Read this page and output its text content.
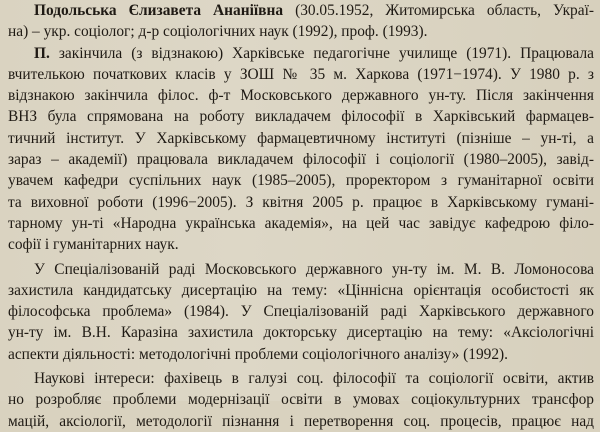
Подольська Єлизавета Ананіївна (30.05.1952, Житомирська область, Украї-
на) – укр. соціолог; д-р соціологічних наук (1992), проф. (1993).

П. закінчила (з відзнакою) Харківське педагогічне училище (1971). Працювала
вчителькою початкових класів у ЗОШ № 35 м. Харкова (1971−1974). У 1980 р. з
відзнакою закінчила філос. ф-т Московського державного ун-ту. Після закінчення
ВНЗ була спрямована на роботу викладачем філософії в Харківський фармацев-
тичний інститут. У Харківському фармацевтичному інституті (пізніше – ун-ті, а
зараз – академії) працювала викладачем філософії і соціології (1980–2005), завід-
увачем кафедри суспільних наук (1985–2005), проректором з гуманітарної освіти
та виховної роботи (1996−2005). З квітня 2005 р. працює в Харківському гуманi-
тарному ун-ті «Народна українська академія», на цей час завідує кафедрою філо-
софії і гуманітарних наук.

У Спеціалізованій раді Московського державного ун-ту ім. М. В. Ломоносова
захистила кандидатську дисертацію на тему: «Ціннісна орієнтація особистості як
філософська проблема» (1984). У Спеціалізованій раді Харківського державного
ун-ту ім. В.Н. Каразіна захистила докторську дисертацію на тему: «Аксіологічні
аспекти діяльності: методологічні проблеми соціологічного аналізу» (1992).

Наукові інтереси: фахівець в галузі соц. філософії та соціології освіти, актив
но розробляє проблеми модернізації освіти в умовах соціокультурних трансфор
мацій, аксіології, методології пізнання і перетворення соц. процесів, працює над
